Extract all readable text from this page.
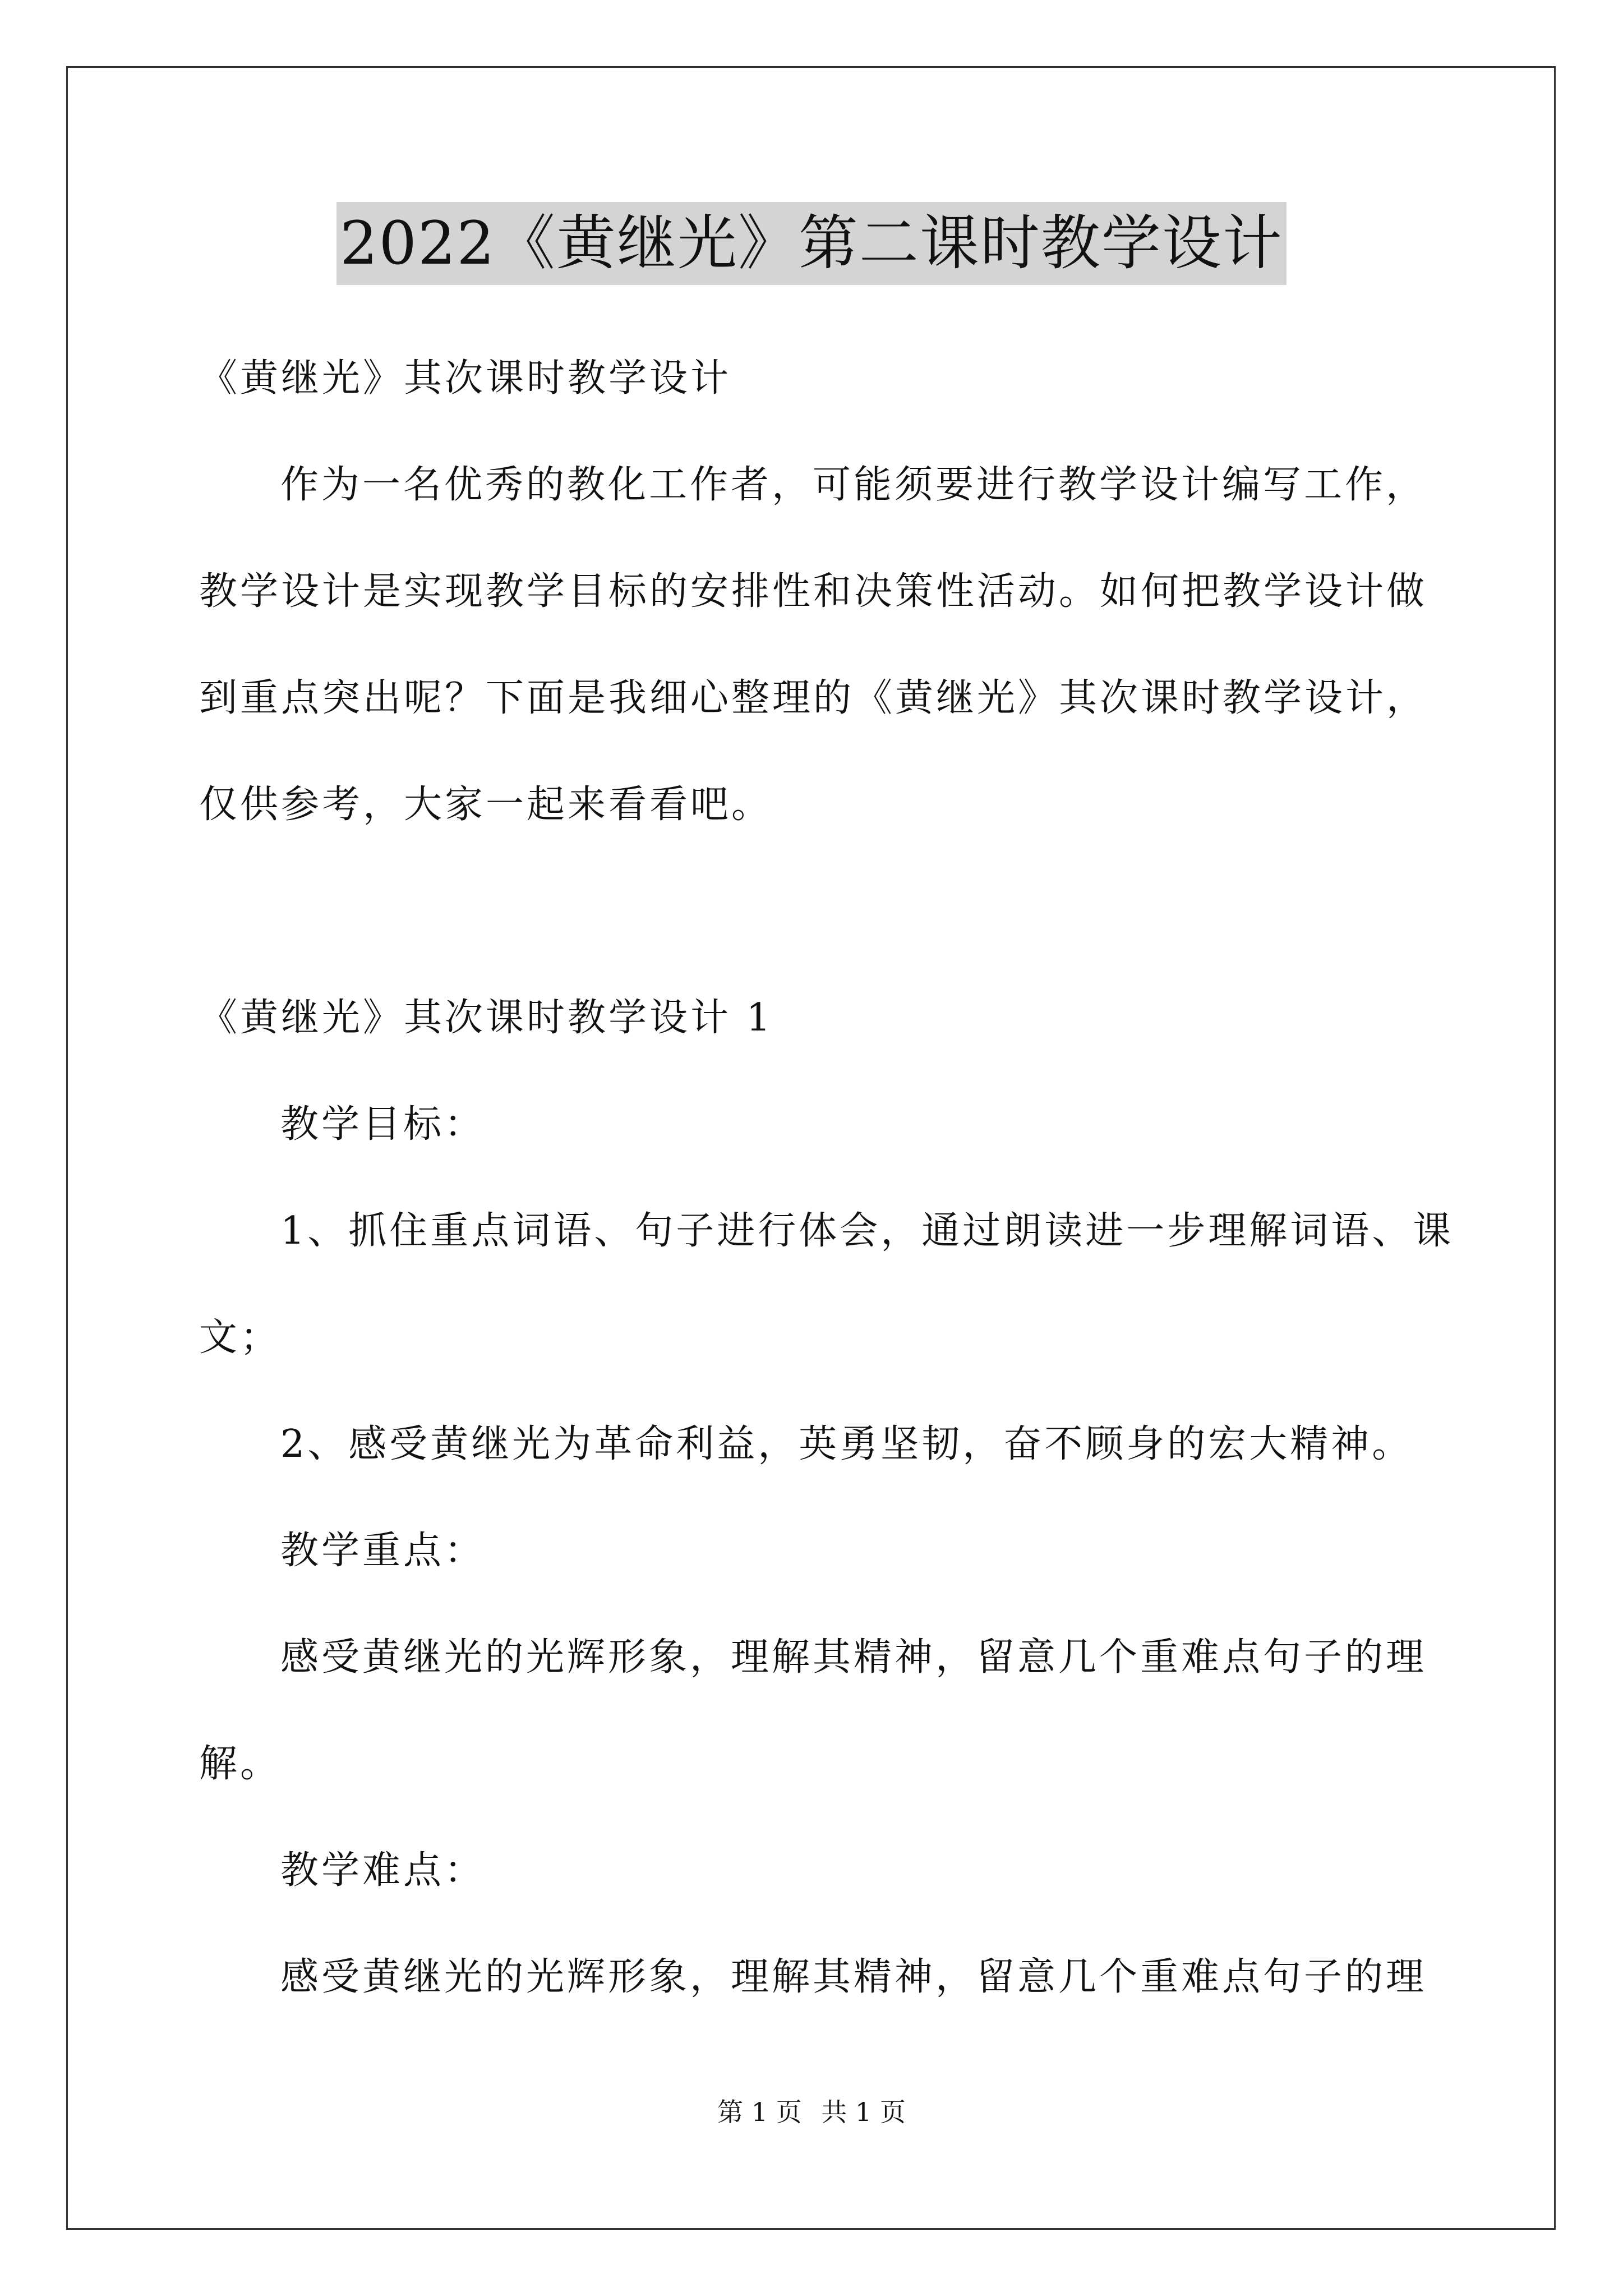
2022《黄继光》第二课时教学设计
《黄继光》其次课时教学设计
作为一名优秀的教化工作者，可能须要进行教学设计编写工作，
教学设计是实现教学目标的安排性和决策性活动。如何把教学设计做
到重点突出呢？下面是我细心整理的《黄继光》其次课时教学设计，
仅供参考，大家一起来看看吧。
《黄继光》其次课时教学设计 1
教学目标：
1、抓住重点词语、句子进行体会，通过朗读进一步理解词语、课
文；
2、感受黄继光为革命利益，英勇坚韧，奋不顾身的宏大精神。
教学重点：
感受黄继光的光辉形象，理解其精神，留意几个重难点句子的理
解。
教学难点：
感受黄继光的光辉形象，理解其精神，留意几个重难点句子的理
第 1 页 共 1 页
